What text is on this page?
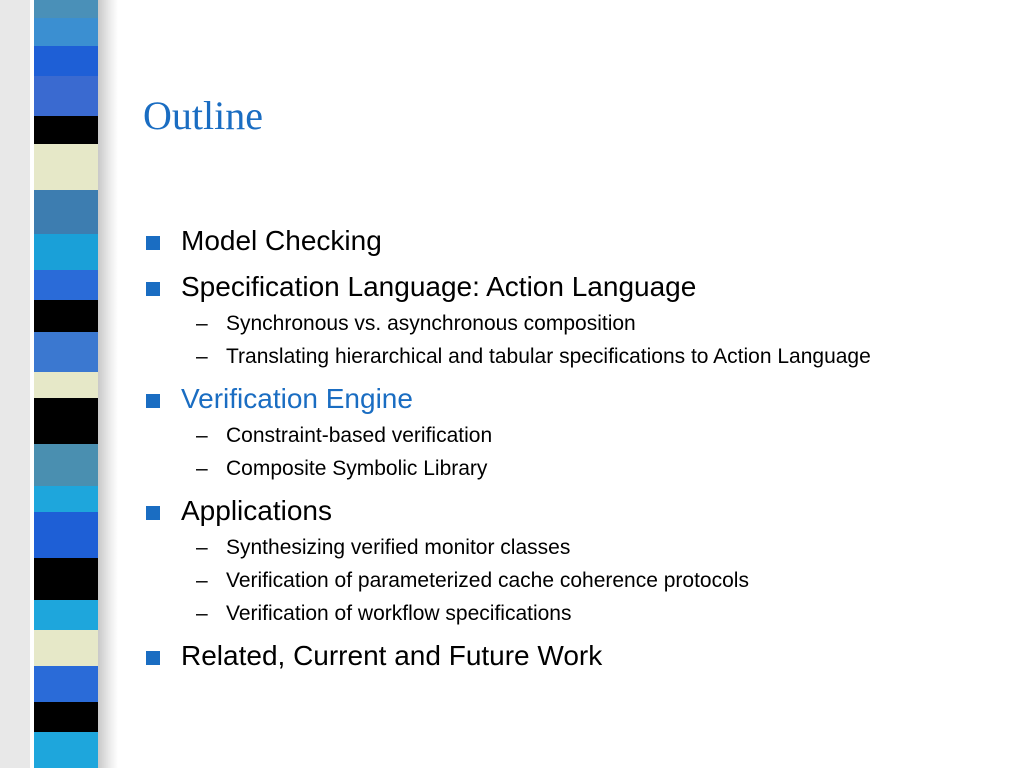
Outline
Model Checking
Specification Language: Action Language
– Synchronous vs. asynchronous composition
– Translating hierarchical and tabular specifications to Action Language
Verification Engine
– Constraint-based verification
– Composite Symbolic Library
Applications
– Synthesizing verified monitor classes
– Verification of parameterized cache coherence protocols
– Verification of workflow specifications
Related, Current and Future Work
